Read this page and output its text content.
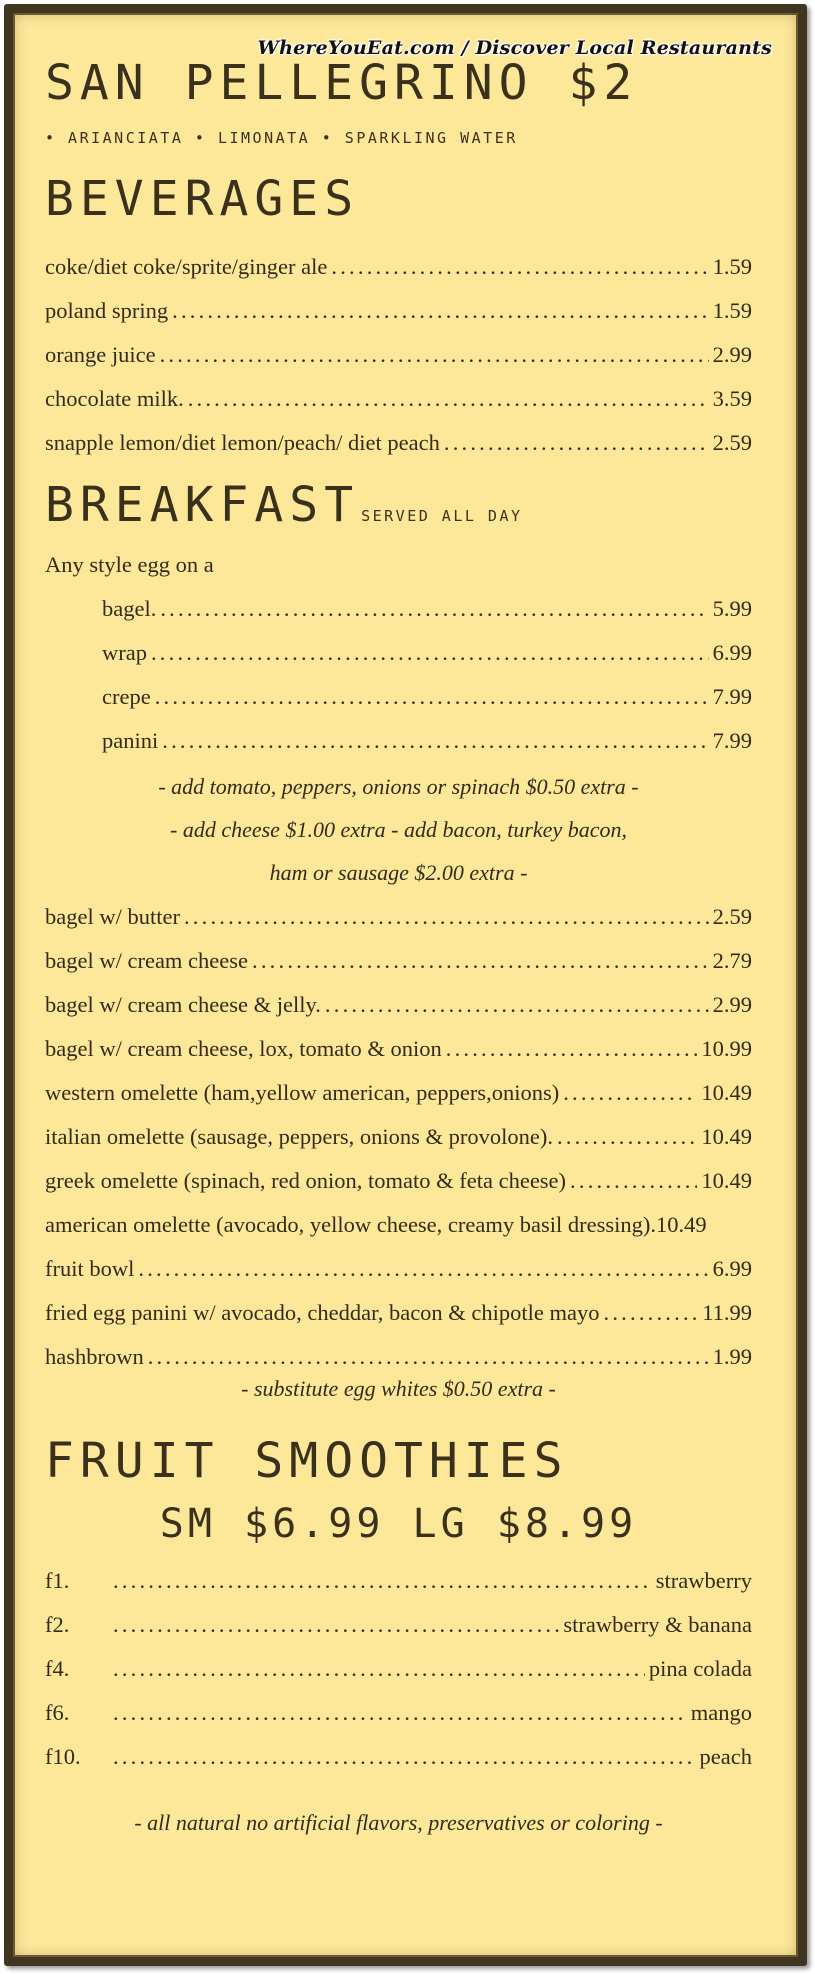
WhereYouEat.com / Discover Local Restaurants
SAN PELLEGRINO $2
• ARIANCIATA • LIMONATA • SPARKLING WATER
BEVERAGES
coke/diet coke/sprite/ginger ale .....	1.59
poland spring .....	1.59
orange juice .....	2.99
chocolate milk. .....	3.59
snapple lemon/diet lemon/peach/ diet peach .....	2.59
BREAKFAST SERVED ALL DAY
Any style egg on a
bagel. .....	5.99
wrap .....	6.99
crepe .....	7.99
panini .....	7.99
- add tomato, peppers, onions or spinach $0.50 extra -
- add cheese $1.00 extra - add bacon, turkey bacon,
ham or sausage $2.00 extra -
bagel w/ butter .....	2.59
bagel w/ cream cheese .....	2.79
bagel w/ cream cheese & jelly. .....	2.99
bagel w/ cream cheese, lox, tomato & onion .....	10.99
western omelette (ham,yellow american, peppers,onions) .....	10.49
italian omelette (sausage, peppers, onions & provolone). .....	10.49
greek omelette (spinach, red onion, tomato & feta cheese) .....	10.49
american omelette (avocado, yellow cheese, creamy basil dressing). 10.49
fruit bowl .....	6.99
fried egg panini w/ avocado, cheddar, bacon & chipotle mayo .....	11.99
hashbrown .....	1.99
- substitute egg whites $0.50 extra -
FRUIT SMOOTHIES
SM $6.99 LG $8.99
f1. .....	strawberry
f2. .....	strawberry & banana
f4. .....	pina colada
f6. .....	mango
f10. .....	peach
- all natural no artificial flavors, preservatives or coloring -
